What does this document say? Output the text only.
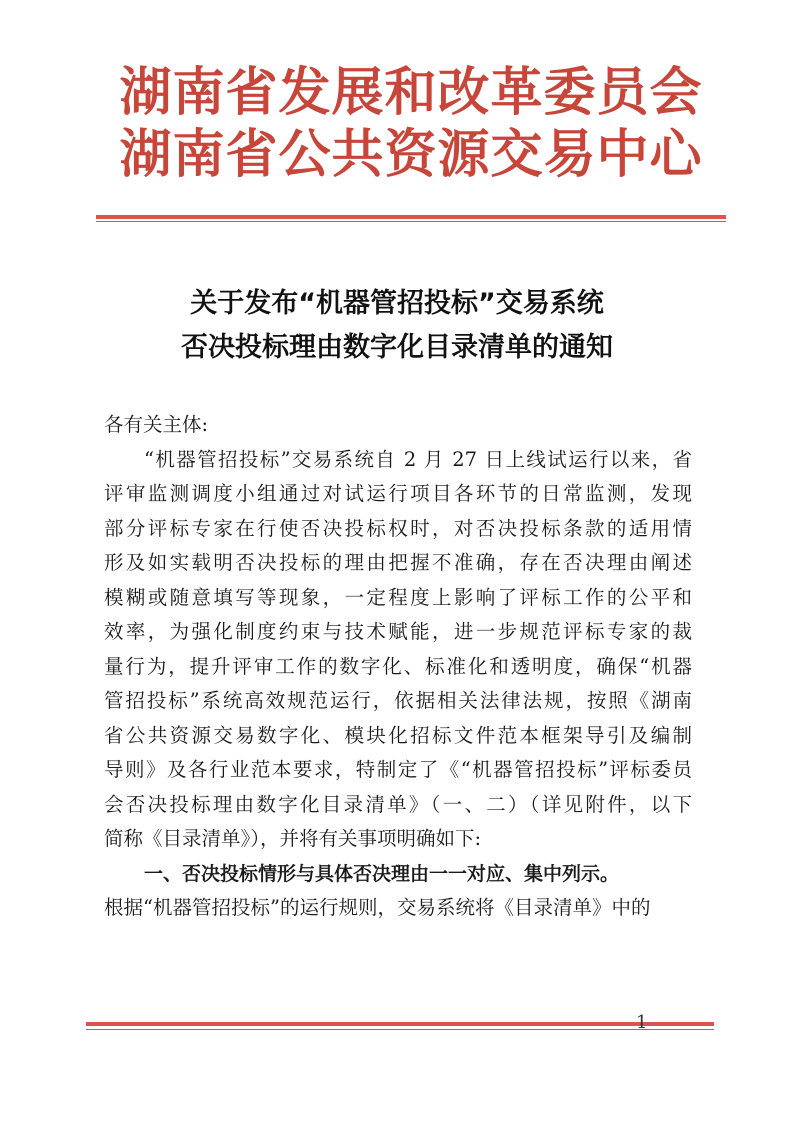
湖南省发展和改革委员会
湖南省公共资源交易中心
关于发布“机器管招投标”交易系统
否决投标理由数字化目录清单的通知
各有关主体:
“机器管招投标”交易系统自 2 月 27 日上线试运行以来，省
评审监测调度小组通过对试运行项目各环节的日常监测，发现
部分评标专家在行使否决投标权时，对否决投标条款的适用情
形及如实载明否决投标的理由把握不准确，存在否决理由阐述
模糊或随意填写等现象，一定程度上影响了评标工作的公平和
效率，为强化制度约束与技术赋能，进一步规范评标专家的裁
量行为，提升评审工作的数字化、标准化和透明度，确保“机器
管招投标”系统高效规范运行，依据相关法律法规，按照《湖南
省公共资源交易数字化、模块化招标文件范本框架导引及编制
导则》及各行业范本要求，特制定了《“机器管招投标”评标委员
会否决投标理由数字化目录清单》（一、二）（详见附件，以下
简称《目录清单》），并将有关事项明确如下:
一、否决投标情形与具体否决理由一一对应、集中列示。
根据“机器管招投标”的运行规则，交易系统将《目录清单》中的
1
